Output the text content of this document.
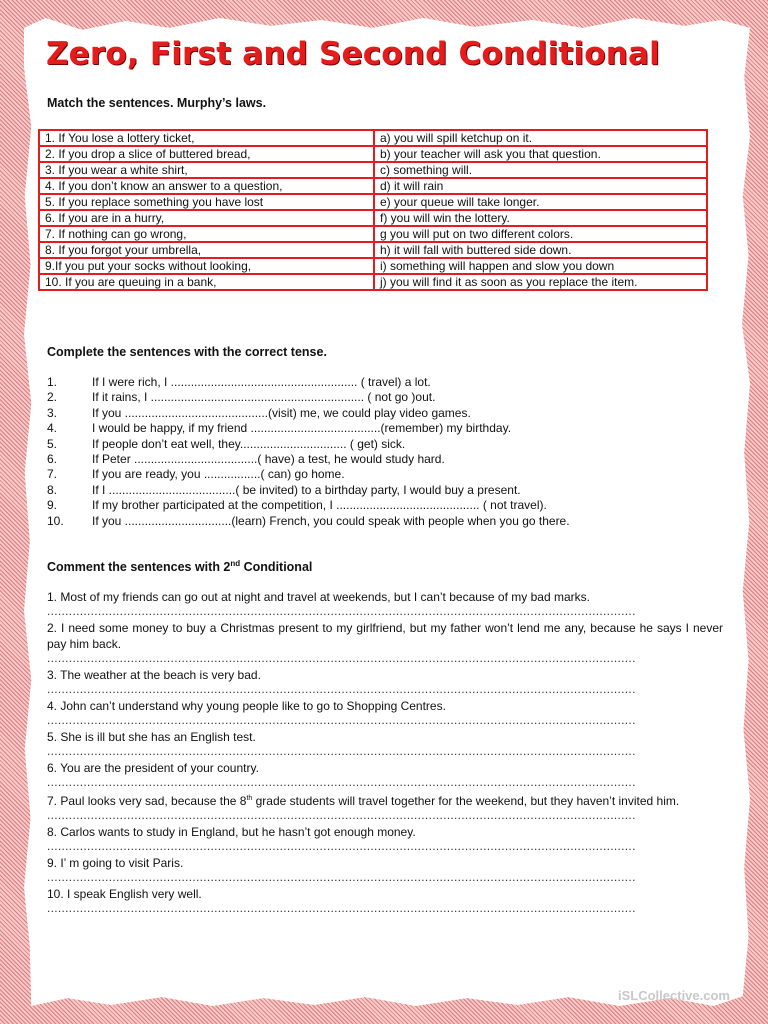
Zero, First and Second Conditional
Match the sentences. Murphy’s laws.
1. If You lose a lottery ticket,	a) you will spill ketchup on it.
2. If you drop a slice of buttered bread,	b) your teacher will ask you that question.
3. If you wear a white shirt,	c) something will.
4. If you don’t know an answer to a question,	d) it will rain
5. If you replace something you have lost	e) your queue will take longer.
6. If you are in a hurry,	f) you will win the lottery.
7. If nothing can go wrong,	g you will put on two different colors.
8. If you forgot your umbrella,	h) it will fall with buttered side down.
9.If you put your socks without looking,	i) something will happen and slow you down
10. If you are queuing in a bank,	j) you will find it as soon as you replace the item.
Complete the sentences with the correct tense.
1.	If I were rich, I ........................................................ ( travel) a lot.
2.	If it rains, I ................................................................ ( not go )out.
3.	If you ...........................................(visit) me, we could play video games.
4.	I would be happy, if my friend .......................................(remember) my birthday.
5.	If people don’t eat well, they................................ ( get) sick.
6.	If Peter .....................................( have) a test, he would study hard.
7.	If you are ready, you .................( can) go home.
8.	If I ......................................( be invited) to a birthday party, I would buy a present.
9.	If my brother participated at the competition, I ........................................... ( not travel).
10.	If you ................................(learn) French, you could speak with people when you go there.
Comment the sentences with 2nd Conditional
1. Most of my friends can go out at night and travel at weekends, but I can’t because of my bad marks.
..................................................................................................................................................................
2. I need some money to buy a Christmas present to my girlfriend, but my father won’t lend me any, because he says I never pay him back.
..................................................................................................................................................................
3. The weather at the beach is very bad.
..................................................................................................................................................................
4. John can’t understand why young people like to go to Shopping Centres.
..................................................................................................................................................................
5. She is ill but she has an English test.
..................................................................................................................................................................
6. You are the president of your country.
..................................................................................................................................................................
7. Paul looks very sad, because the 8th grade students will travel together for the weekend, but they haven’t invited him.
..................................................................................................................................................................
8. Carlos wants to study in England, but he hasn’t got enough money.
..................................................................................................................................................................
9. I’ m going to visit Paris.
..................................................................................................................................................................
10. I speak English very well.
..................................................................................................................................................................
iSLCollective.com
